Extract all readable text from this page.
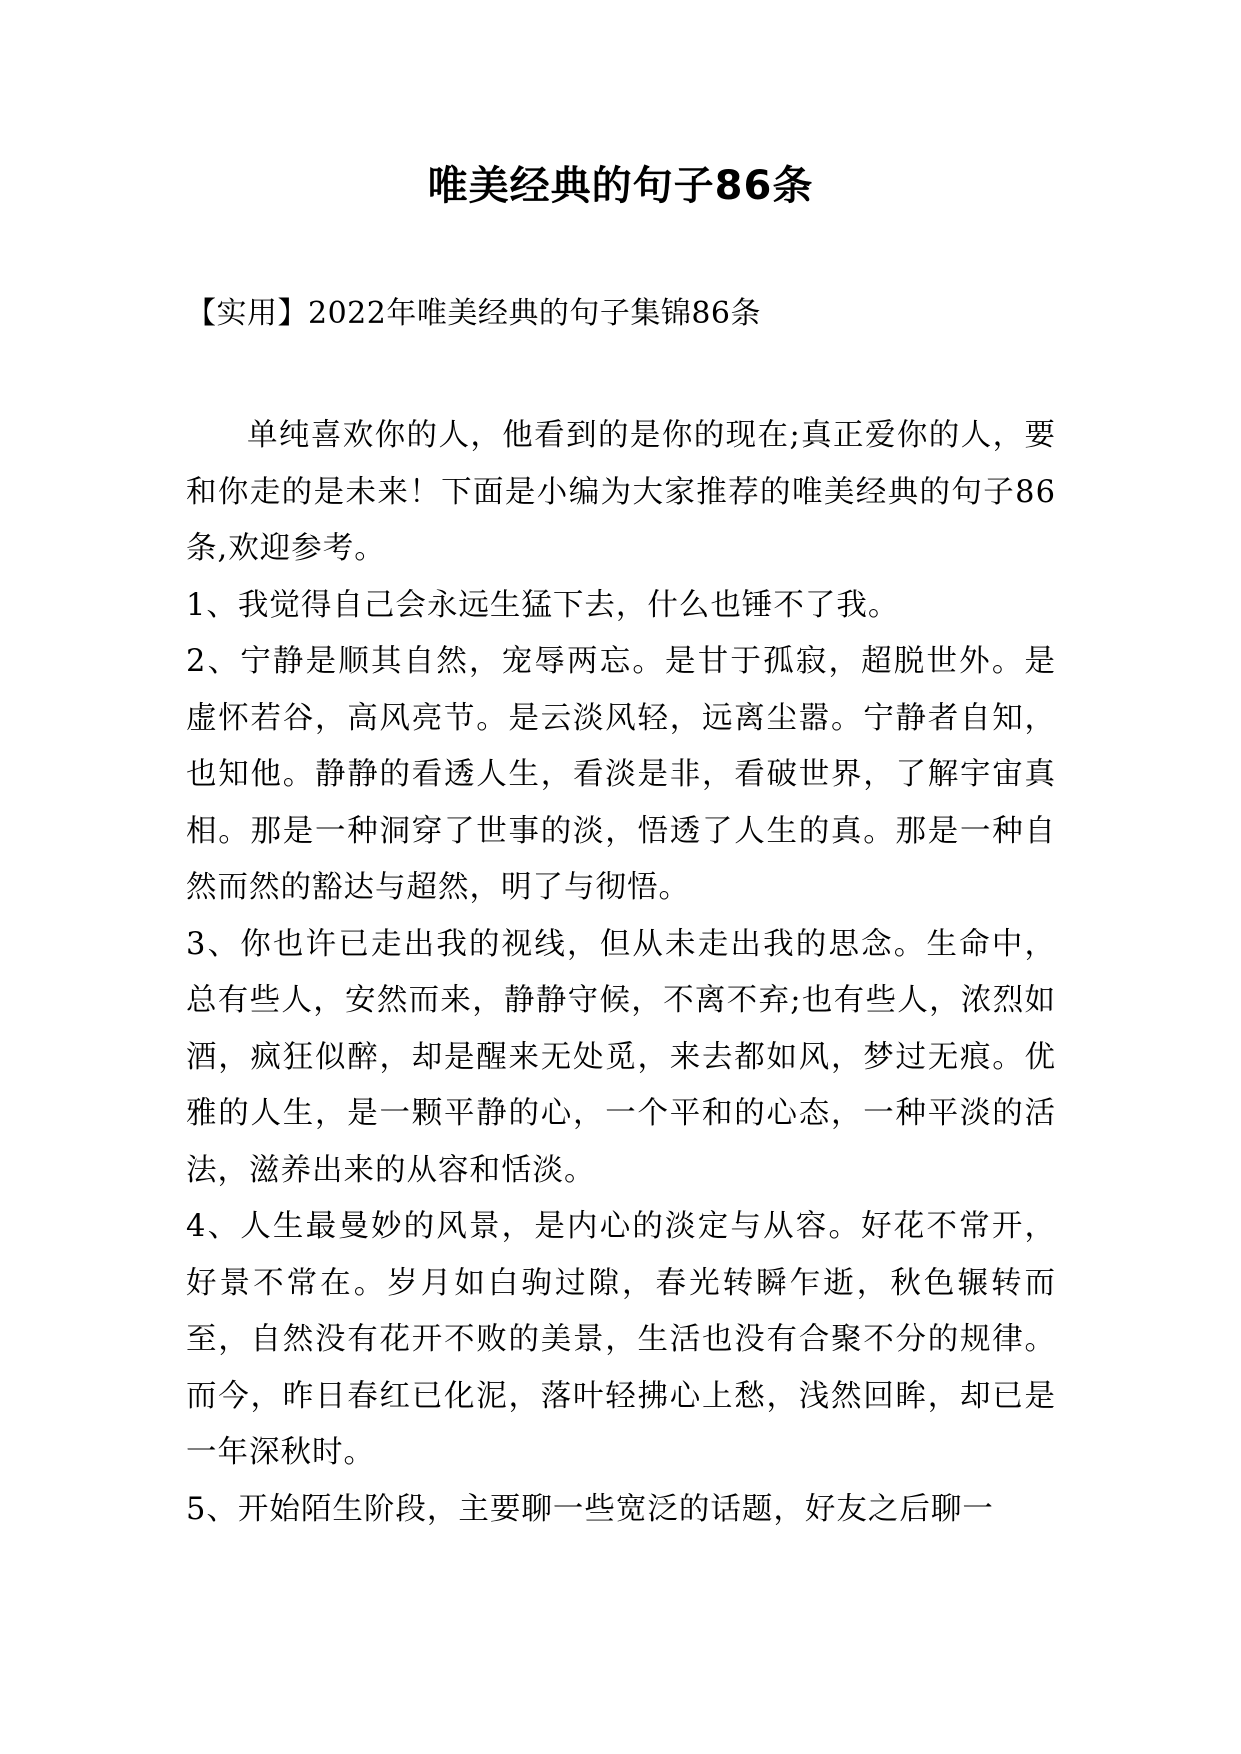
唯美经典的句子86条
【实用】2022年唯美经典的句子集锦86条

单纯喜欢你的人，他看到的是你的现在;真正爱你的人，要和你走的是未来！下面是小编为大家推荐的唯美经典的句子86条,欢迎参考。

1、我觉得自己会永远生猛下去，什么也锤不了我。

2、宁静是顺其自然，宠辱两忘。是甘于孤寂，超脱世外。是虚怀若谷，高风亮节。是云淡风轻，远离尘嚣。宁静者自知，也知他。静静的看透人生，看淡是非，看破世界，了解宇宙真相。那是一种洞穿了世事的淡，悟透了人生的真。那是一种自然而然的豁达与超然，明了与彻悟。

3、你也许已走出我的视线，但从未走出我的思念。生命中，总有些人，安然而来，静静守候，不离不弃;也有些人，浓烈如酒，疯狂似醉，却是醒来无处觅，来去都如风，梦过无痕。优雅的人生，是一颗平静的心，一个平和的心态，一种平淡的活法，滋养出来的从容和恬淡。

4、人生最曼妙的风景，是内心的淡定与从容。好花不常开，好景不常在。岁月如白驹过隙，春光转瞬乍逝，秋色辗转而至，自然没有花开不败的美景，生活也没有合聚不分的规律。而今，昨日春红已化泥，落叶轻拂心上愁，浅然回眸，却已是一年深秋时。

5、开始陌生阶段，主要聊一些宽泛的话题，好友之后聊一
